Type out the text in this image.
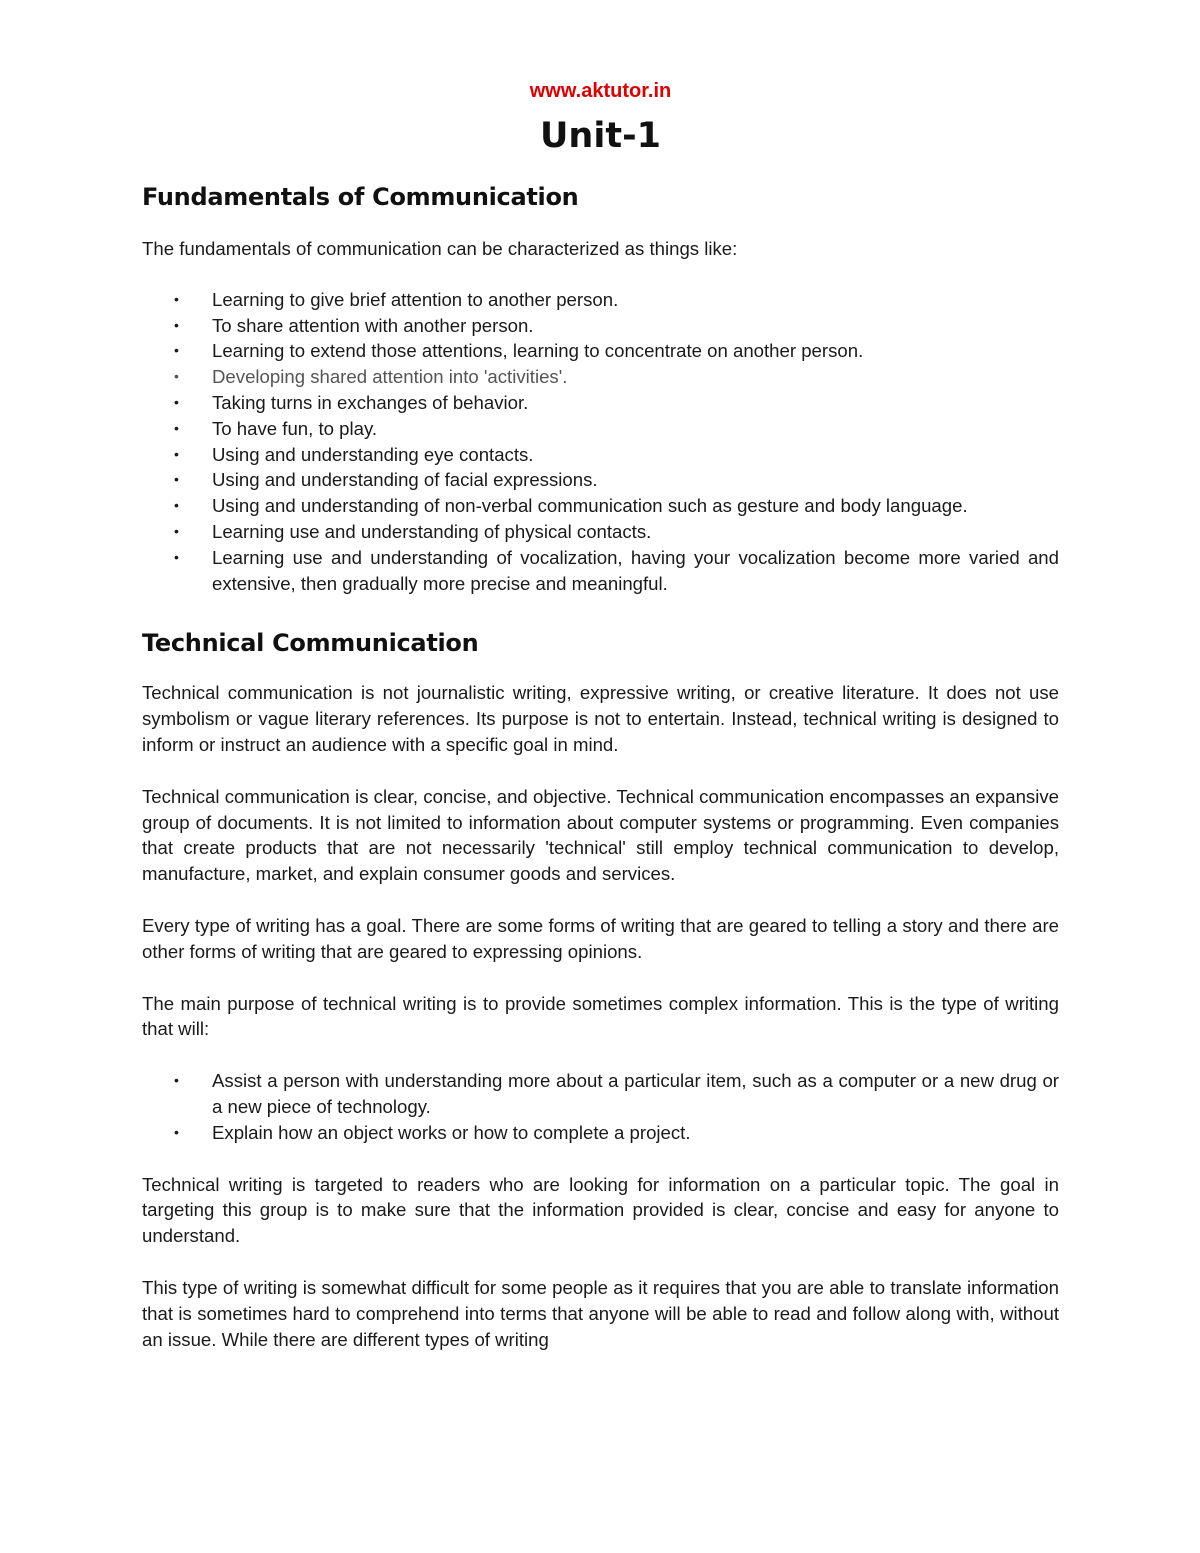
www.aktutor.in
Unit-1
Fundamentals of Communication

The fundamentals of communication can be characterized as things like:

• Learning to give brief attention to another person.
• To share attention with another person.
• Learning to extend those attentions, learning to concentrate on another person.
• Developing shared attention into 'activities'.
• Taking turns in exchanges of behavior.
• To have fun, to play.
• Using and understanding eye contacts.
• Using and understanding of facial expressions.
• Using and understanding of non-verbal communication such as gesture and body language.
• Learning use and understanding of physical contacts.
• Learning use and understanding of vocalization, having your vocalization become more varied and extensive, then gradually more precise and meaningful.
Technical Communication

Technical communication is not journalistic writing, expressive writing, or creative literature. It does not use symbolism or vague literary references. Its purpose is not to entertain. Instead, technical writing is designed to inform or instruct an audience with a specific goal in mind.

Technical communication is clear, concise, and objective. Technical communication encompasses an expansive group of documents. It is not limited to information about computer systems or programming. Even companies that create products that are not necessarily 'technical' still employ technical communication to develop, manufacture, market, and explain consumer goods and services.

Every type of writing has a goal. There are some forms of writing that are geared to telling a story and there are other forms of writing that are geared to expressing opinions.

The main purpose of technical writing is to provide sometimes complex information. This is the type of writing that will:

• Assist a person with understanding more about a particular item, such as a computer or a new drug or a new piece of technology.
• Explain how an object works or how to complete a project.

Technical writing is targeted to readers who are looking for information on a particular topic. The goal in targeting this group is to make sure that the information provided is clear, concise and easy for anyone to understand.

This type of writing is somewhat difficult for some people as it requires that you are able to translate information that is sometimes hard to comprehend into terms that anyone will be able to read and follow along with, without an issue. While there are different types of writing
